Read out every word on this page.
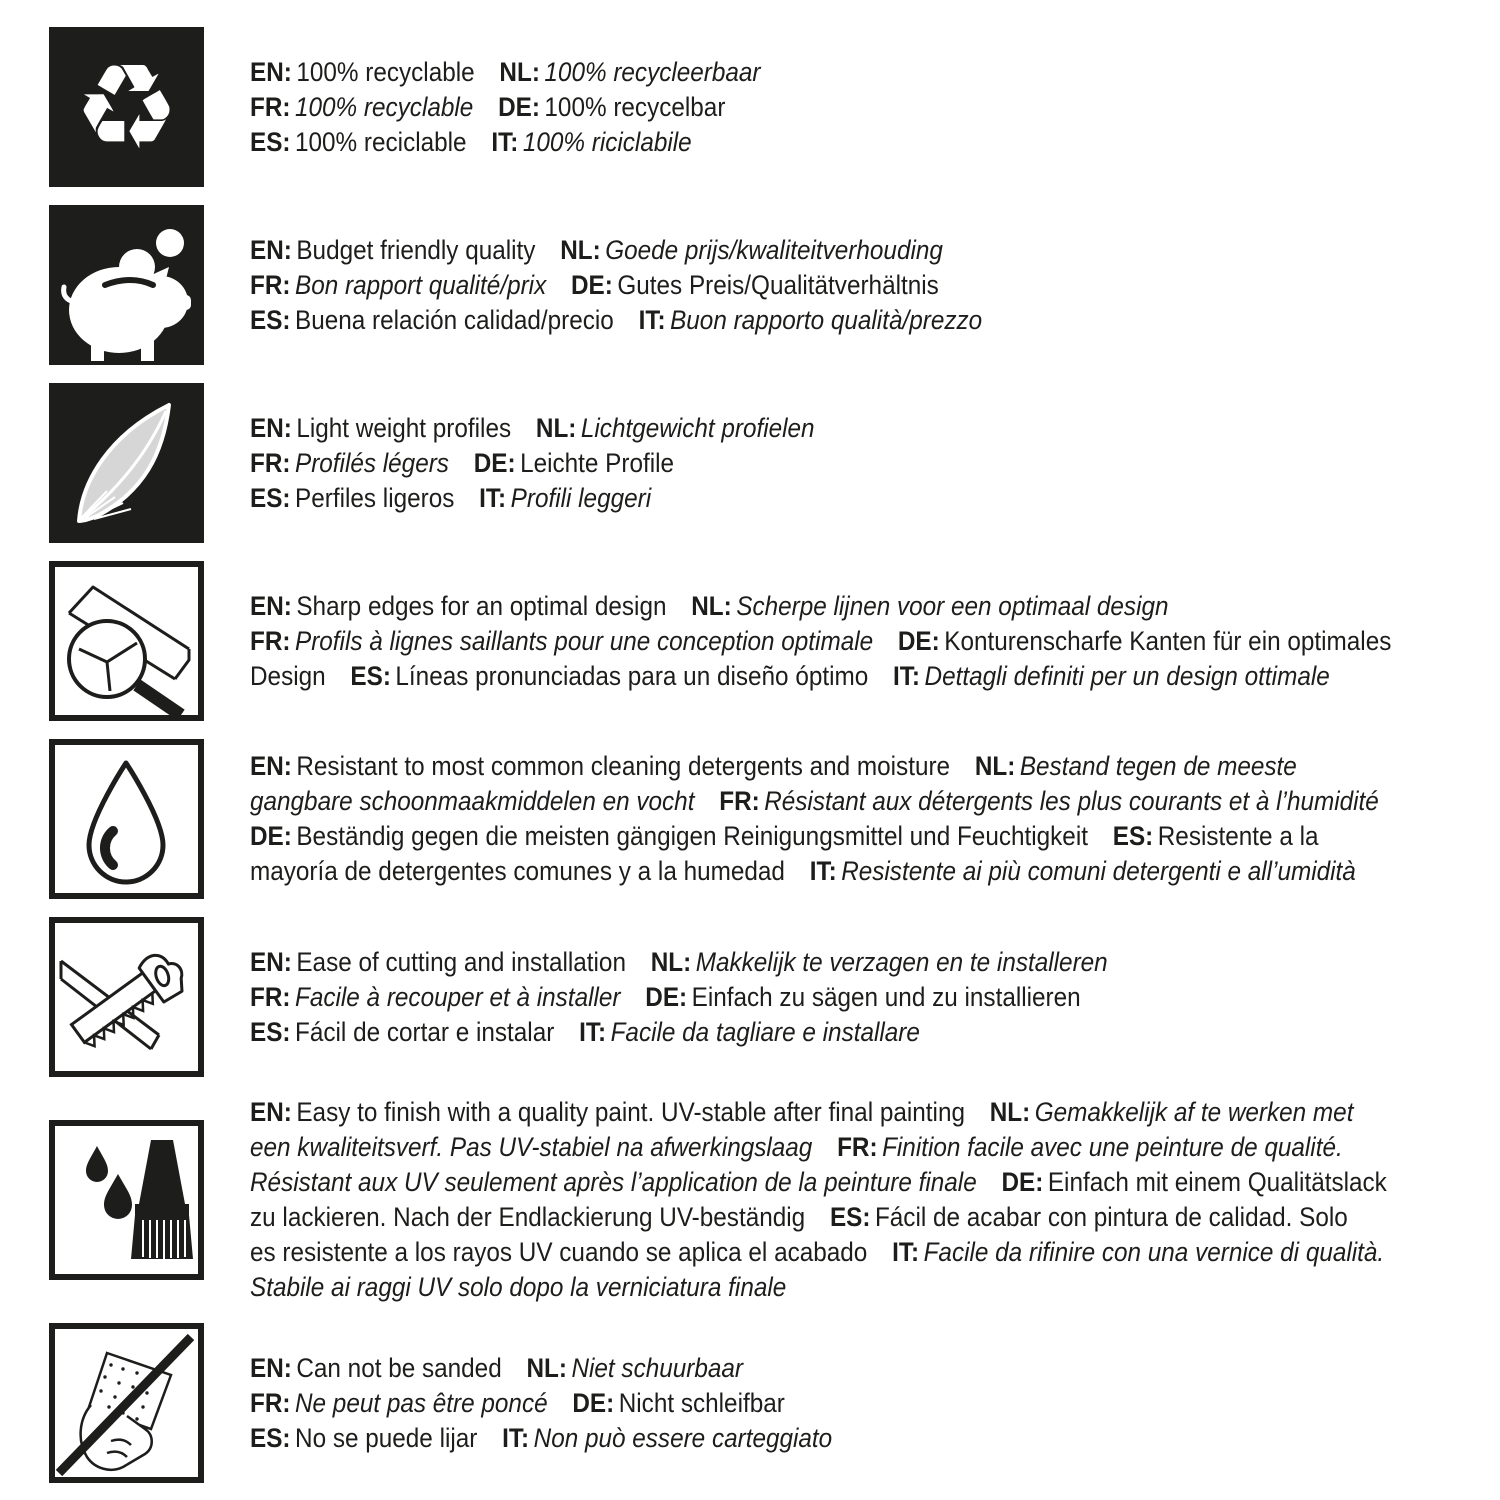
♻	EN: 100% recyclable NL: 100% recycleerbaar
FR: 100% recyclable DE: 100% recycelbar
ES: 100% reciclable IT: 100% riciclabile
EN: Budget friendly quality NL: Goede prijs/kwaliteitverhouding
FR: Bon rapport qualité/prix DE: Gutes Preis/Qualitätverhältnis
ES: Buena relación calidad/precio IT: Buon rapporto qualità/prezzo
EN: Light weight profiles NL: Lichtgewicht profielen
FR: Profilés légers DE: Leichte Profile
ES: Perfiles ligeros IT: Profili leggeri
EN: Sharp edges for an optimal design NL: Scherpe lijnen voor een optimaal design
FR: Profils à lignes saillants pour une conception optimale DE: Konturenscharfe Kanten für ein optimales
Design ES: Líneas pronunciadas para un diseño óptimo IT: Dettagli definiti per un design ottimale
EN: Resistant to most common cleaning detergents and moisture NL: Bestand tegen de meeste
gangbare schoonmaakmiddelen en vocht FR: Résistant aux détergents les plus courants et à l’humidité
DE: Beständig gegen die meisten gängigen Reinigungsmittel und Feuchtigkeit ES: Resistente a la
mayoría de detergentes comunes y a la humedad IT: Resistente ai più comuni detergenti e all’umidità
EN: Ease of cutting and installation NL: Makkelijk te verzagen en te installeren
FR: Facile à recouper et à installer DE: Einfach zu sägen und zu installieren
ES: Fácil de cortar e instalar IT: Facile da tagliare e installare
EN: Easy to finish with a quality paint. UV-stable after final painting NL: Gemakkelijk af te werken met
een kwaliteitsverf. Pas UV-stabiel na afwerkingslaag FR: Finition facile avec une peinture de qualité.
Résistant aux UV seulement après l’application de la peinture finale DE: Einfach mit einem Qualitätslack
zu lackieren. Nach der Endlackierung UV-beständig ES: Fácil de acabar con pintura de calidad. Solo
es resistente a los rayos UV cuando se aplica el acabado IT: Facile da rifinire con una vernice di qualità.
Stabile ai raggi UV solo dopo la verniciatura finale
EN: Can not be sanded NL: Niet schuurbaar
FR: Ne peut pas être poncé DE: Nicht schleifbar
ES: No se puede lijar IT: Non può essere carteggiato
